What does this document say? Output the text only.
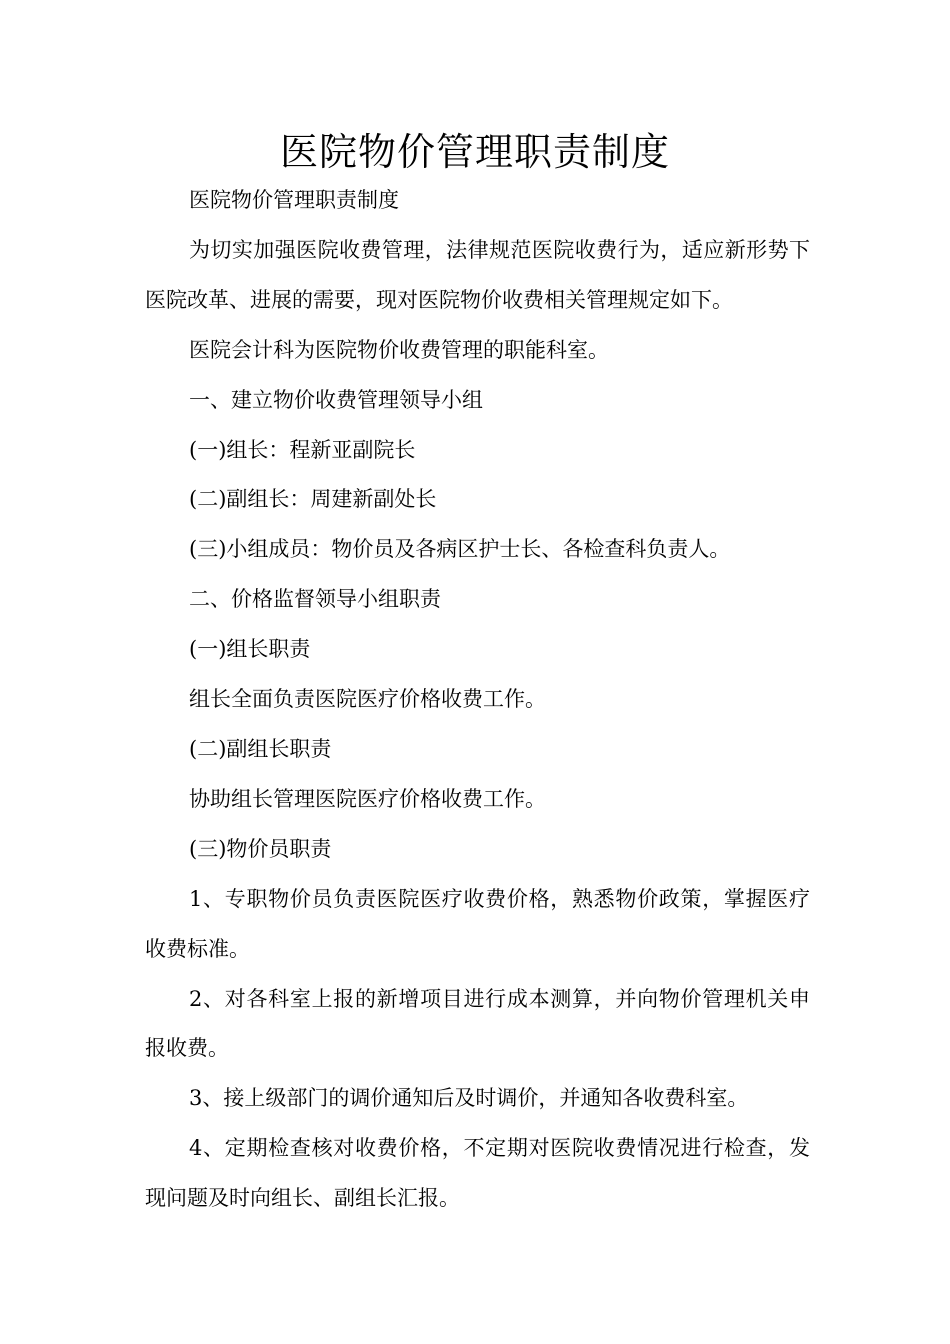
医院物价管理职责制度

医院物价管理职责制度

为切实加强医院收费管理，法律规范医院收费行为，适应新形势下医院改革、进展的需要，现对医院物价收费相关管理规定如下。

医院会计科为医院物价收费管理的职能科室。

一、建立物价收费管理领导小组

(一)组长：程新亚副院长

(二)副组长：周建新副处长

(三)小组成员：物价员及各病区护士长、各检查科负责人。

二、价格监督领导小组职责

(一)组长职责

组长全面负责医院医疗价格收费工作。

(二)副组长职责

协助组长管理医院医疗价格收费工作。

(三)物价员职责

1、专职物价员负责医院医疗收费价格，熟悉物价政策，掌握医疗收费标准。

2、对各科室上报的新增项目进行成本测算，并向物价管理机关申报收费。

3、接上级部门的调价通知后及时调价，并通知各收费科室。

4、定期检查核对收费价格，不定期对医院收费情况进行检查，发现问题及时向组长、副组长汇报。
